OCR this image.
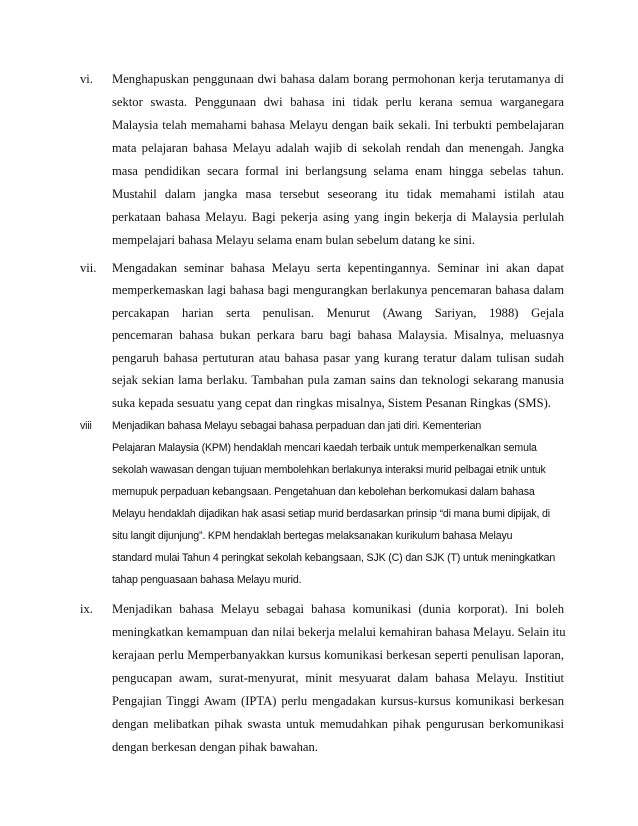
vi. Menghapuskan penggunaan dwi bahasa dalam borang permohonan kerja terutamanya di
sektor swasta. Penggunaan dwi bahasa ini tidak perlu kerana semua warganegara
Malaysia telah memahami bahasa Melayu dengan baik sekali. Ini terbukti pembelajaran
mata pelajaran bahasa Melayu adalah wajib di sekolah rendah dan menengah. Jangka
masa pendidikan secara formal ini berlangsung selama enam hingga sebelas tahun.
Mustahil dalam jangka masa tersebut seseorang itu tidak memahami istilah atau
perkataan bahasa Melayu. Bagi pekerja asing yang ingin bekerja di Malaysia perlulah
mempelajari bahasa Melayu selama enam bulan sebelum datang ke sini.
vii. Mengadakan seminar bahasa Melayu serta kepentingannya. Seminar ini akan dapat
memperkemaskan lagi bahasa bagi mengurangkan berlakunya pencemaran bahasa dalam
percakapan harian serta penulisan. Menurut (Awang Sariyan, 1988) Gejala
pencemaran bahasa bukan perkara baru bagi bahasa Malaysia. Misalnya, meluasnya
pengaruh bahasa pertuturan atau bahasa pasar yang kurang teratur dalam tulisan sudah
sejak sekian lama berlaku. Tambahan pula zaman sains dan teknologi sekarang manusia
suka kepada sesuatu yang cepat dan ringkas misalnya, Sistem Pesanan Ringkas (SMS).
viii Menjadikan bahasa Melayu sebagai bahasa perpaduan dan jati diri. Kementerian
Pelajaran Malaysia (KPM) hendaklah mencari kaedah terbaik untuk memperkenalkan semula
sekolah wawasan dengan tujuan membolehkan berlakunya interaksi murid pelbagai etnik untuk
memupuk perpaduan kebangsaan. Pengetahuan dan kebolehan berkomukasi dalam bahasa
Melayu hendaklah dijadikan hak asasi setiap murid berdasarkan prinsip “di mana bumi dipijak, di
situ langit dijunjung”. KPM hendaklah bertegas melaksanakan kurikulum bahasa Melayu
standard mulai Tahun 4 peringkat sekolah kebangsaan, SJK (C) dan SJK (T) untuk meningkatkan
tahap penguasaan bahasa Melayu murid.
ix. Menjadikan bahasa Melayu sebagai bahasa komunikasi (dunia korporat). Ini boleh
meningkatkan kemampuan dan nilai bekerja melalui kemahiran bahasa Melayu. Selain itu
kerajaan perlu Memperbanyakkan kursus komunikasi berkesan seperti penulisan laporan,
pengucapan awam, surat-menyurat, minit mesyuarat dalam bahasa Melayu. Institiut
Pengajian Tinggi Awam (IPTA) perlu mengadakan kursus-kursus komunikasi berkesan
dengan melibatkan pihak swasta untuk memudahkan pihak pengurusan berkomunikasi
dengan berkesan dengan pihak bawahan.
